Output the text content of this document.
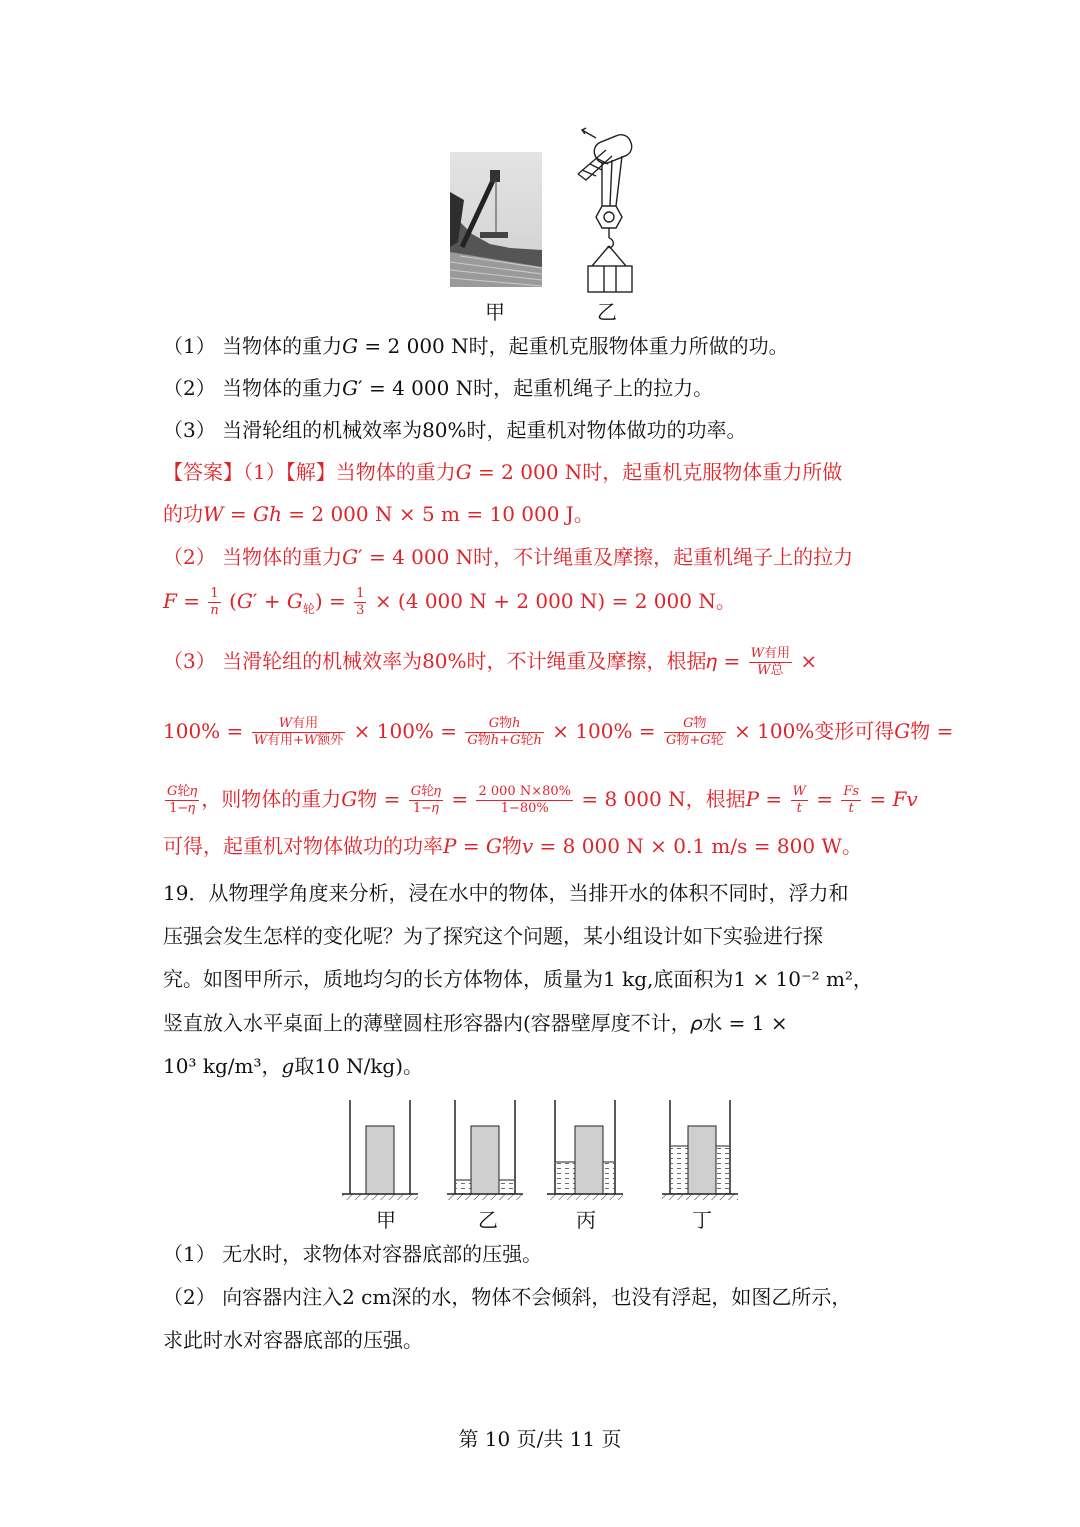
甲	乙
（1） 当物体的重力𝐺 = 2 000 N时，起重机克服物体重力所做的功。
（2） 当物体的重力𝐺′ = 4 000 N时，起重机绳子上的拉力。
（3） 当滑轮组的机械效率为80%时，起重机对物体做功的功率。
【答案】（1）【解】当物体的重力𝐺 = 2 000 N时，起重机克服物体重力所做
的功𝑊 = 𝐺ℎ = 2 000 N × 5 m = 10 000 J。
（2） 当物体的重力𝐺′ = 4 000 N时，不计绳重及摩擦，起重机绳子上的拉力
𝐹 = $\frac{1}{\text{𝑛}}$ (𝐺′ + 𝐺$_轮$) = $\frac{1}{3} \times (4$ 000 N + 2 000 N) = 2 000 N。
（3） 当滑轮组的机械效率为80%时，不计绳重及摩擦，根据𝜂 = $\frac{\text{𝑊有用}}{\text{𝑊总}}$ ×
$100\% = \frac{\text{𝑊有用}}{\text{𝑊有用+𝑊额外}} \times 100\% = \frac{\text{𝐺物ℎ}}{\text{𝐺物ℎ+𝐺轮ℎ}} \times 100\% = \frac{\text{𝐺物}}{\text{𝐺物+𝐺轮}} \times 100\%$变形可得𝐺物 =
$\frac{\text{𝐺轮𝜂}}{\text{1−𝜂}}$ ，则物体的重力𝐺物 = $\frac{\text{𝐺轮𝜂}}{\text{1−𝜂}} = \frac{2 000 N\times 80\%}{1-80\%} = 8$ 000 N，根据𝑃 = $\frac{\text{𝑊}}{\text{𝑡}} = \frac{\text{𝐹𝑠}}{\text{𝑡}}$ = 𝐹𝑣
可得，起重机对物体做功的功率𝑃 = 𝐺物𝑣 = 8 000 N × 0.1 m/s = 800 W。
19．从物理学角度来分析，浸在水中的物体，当排开水的体积不同时，浮力和
压强会发生怎样的变化呢？为了探究这个问题，某小组设计如下实验进行探
究。如图甲所示，质地均匀的长方体物体，质量为1 kg,底面积为1 × 10⁻² m²，
竖直放入水平桌面上的薄壁圆柱形容器内(容器壁厚度不计，𝜌水 = 1 ×
10³ kg/m³，𝑔取10 N/kg)。
甲	乙	丙	丁
（1） 无水时，求物体对容器底部的压强。
（2） 向容器内注入2 cm深的水，物体不会倾斜，也没有浮起，如图乙所示，
求此时水对容器底部的压强。
第 10 页/共 11 页
